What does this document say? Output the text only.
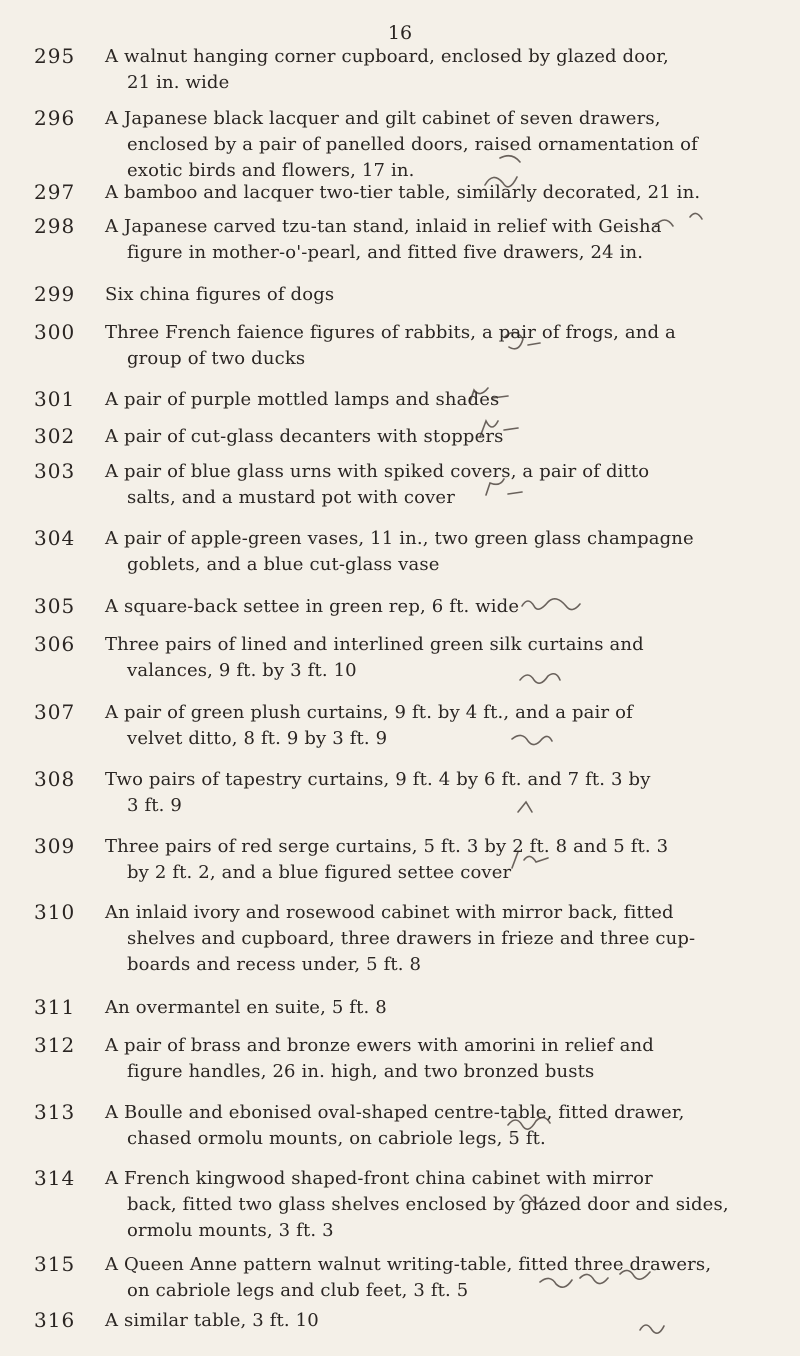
16
295 A walnut hanging corner cupboard, enclosed by glazed door,
21 in. wide
296 A Japanese black lacquer and gilt cabinet of seven drawers,
enclosed by a pair of panelled doors, raised ornamentation of exotic birds and flowers, 17 in.
297 A bamboo and lacquer two-tier table, similarly decorated, 21 in.
298 A Japanese carved tzu-tan stand, inlaid in relief with Geisha
figure in mother-o'-pearl, and fitted five drawers, 24 in.
299 Six china figures of dogs
300 Three French faience figures of rabbits, a pair of frogs, and a
group of two ducks
301 A pair of purple mottled lamps and shades
302 A pair of cut-glass decanters with stoppers
303 A pair of blue glass urns with spiked covers, a pair of ditto
salts, and a mustard pot with cover
304 A pair of apple-green vases, 11 in., two green glass champagne
goblets, and a blue cut-glass vase
305 A square-back settee in green rep, 6 ft. wide
306 Three pairs of lined and interlined green silk curtains and
valances, 9 ft. by 3 ft. 10
307 A pair of green plush curtains, 9 ft. by 4 ft., and a pair of
velvet ditto, 8 ft. 9 by 3 ft. 9
308 Two pairs of tapestry curtains, 9 ft. 4 by 6 ft. and 7 ft. 3 by
3 ft. 9
309 Three pairs of red serge curtains, 5 ft. 3 by 2 ft. 8 and 5 ft. 3
by 2 ft. 2, and a blue figured settee cover
310 An inlaid ivory and rosewood cabinet with mirror back, fitted
shelves and cupboard, three drawers in frieze and three cup-
boards and recess under, 5 ft. 8
311 An overmantel en suite, 5 ft. 8
312 A pair of brass and bronze ewers with amorini in relief and
figure handles, 26 in. high, and two bronzed busts
313 A Boulle and ebonised oval-shaped centre-table, fitted drawer,
chased ormolu mounts, on cabriole legs, 5 ft.
314 A French kingwood shaped-front china cabinet with mirror
back, fitted two glass shelves enclosed by glazed door and sides,
ormolu mounts, 3 ft. 3
315 A Queen Anne pattern walnut writing-table, fitted three drawers,
on cabriole legs and club feet, 3 ft. 5
316 A similar table, 3 ft. 10
